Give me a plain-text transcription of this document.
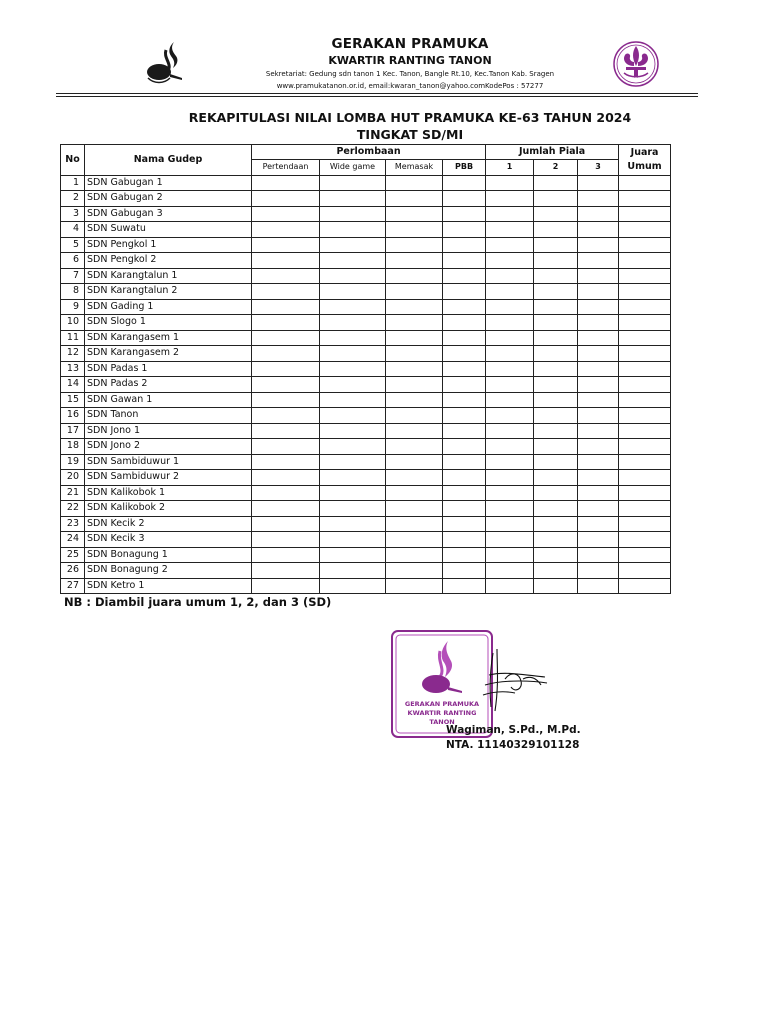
GERAKAN PRAMUKA
KWARTIR RANTING TANON
Sekretariat: Gedung sdn tanon 1 Kec. Tanon, Bangle Rt.10, Kec.Tanon Kab. Sragen
www.pramukatanon.or.id, email:kwaran_tanon@yahoo.comKodePos : 57277
REKAPITULASI NILAI LOMBA HUT PRAMUKA KE-63 TAHUN 2024
TINGKAT SD/MI
No	Nama Gudep	Perlombaan				Jumlah Piala			Juara
Umum

		Pertendaan	Wide game	Memasak	PBB	1	2	3	
1	SDN Gabugan 1								
2	SDN Gabugan 2								
3	SDN Gabugan 3								
4	SDN Suwatu								
5	SDN Pengkol 1								
6	SDN Pengkol 2								
7	SDN Karangtalun 1								
8	SDN Karangtalun 2								
9	SDN Gading 1								
10	SDN Slogo 1								
11	SDN Karangasem 1								
12	SDN Karangasem 2								
13	SDN Padas 1								
14	SDN Padas 2								
15	SDN Gawan 1								
16	SDN Tanon								
17	SDN Jono 1								
18	SDN Jono 2								
19	SDN Sambiduwur 1								
20	SDN Sambiduwur 2								
21	SDN Kalikobok 1								
22	SDN Kalikobok 2								
23	SDN Kecik 2								
24	SDN Kecik 3								
25	SDN Bonagung 1								
26	SDN Bonagung 2								
27	SDN Ketro 1								
NB : Diambil juara umum 1, 2, dan 3 (SD)
GERAKAN PRAMUKA
KWARTIR RANTING
TANON
Wagiman, S.Pd., M.Pd.
NTA. 11140329101128
